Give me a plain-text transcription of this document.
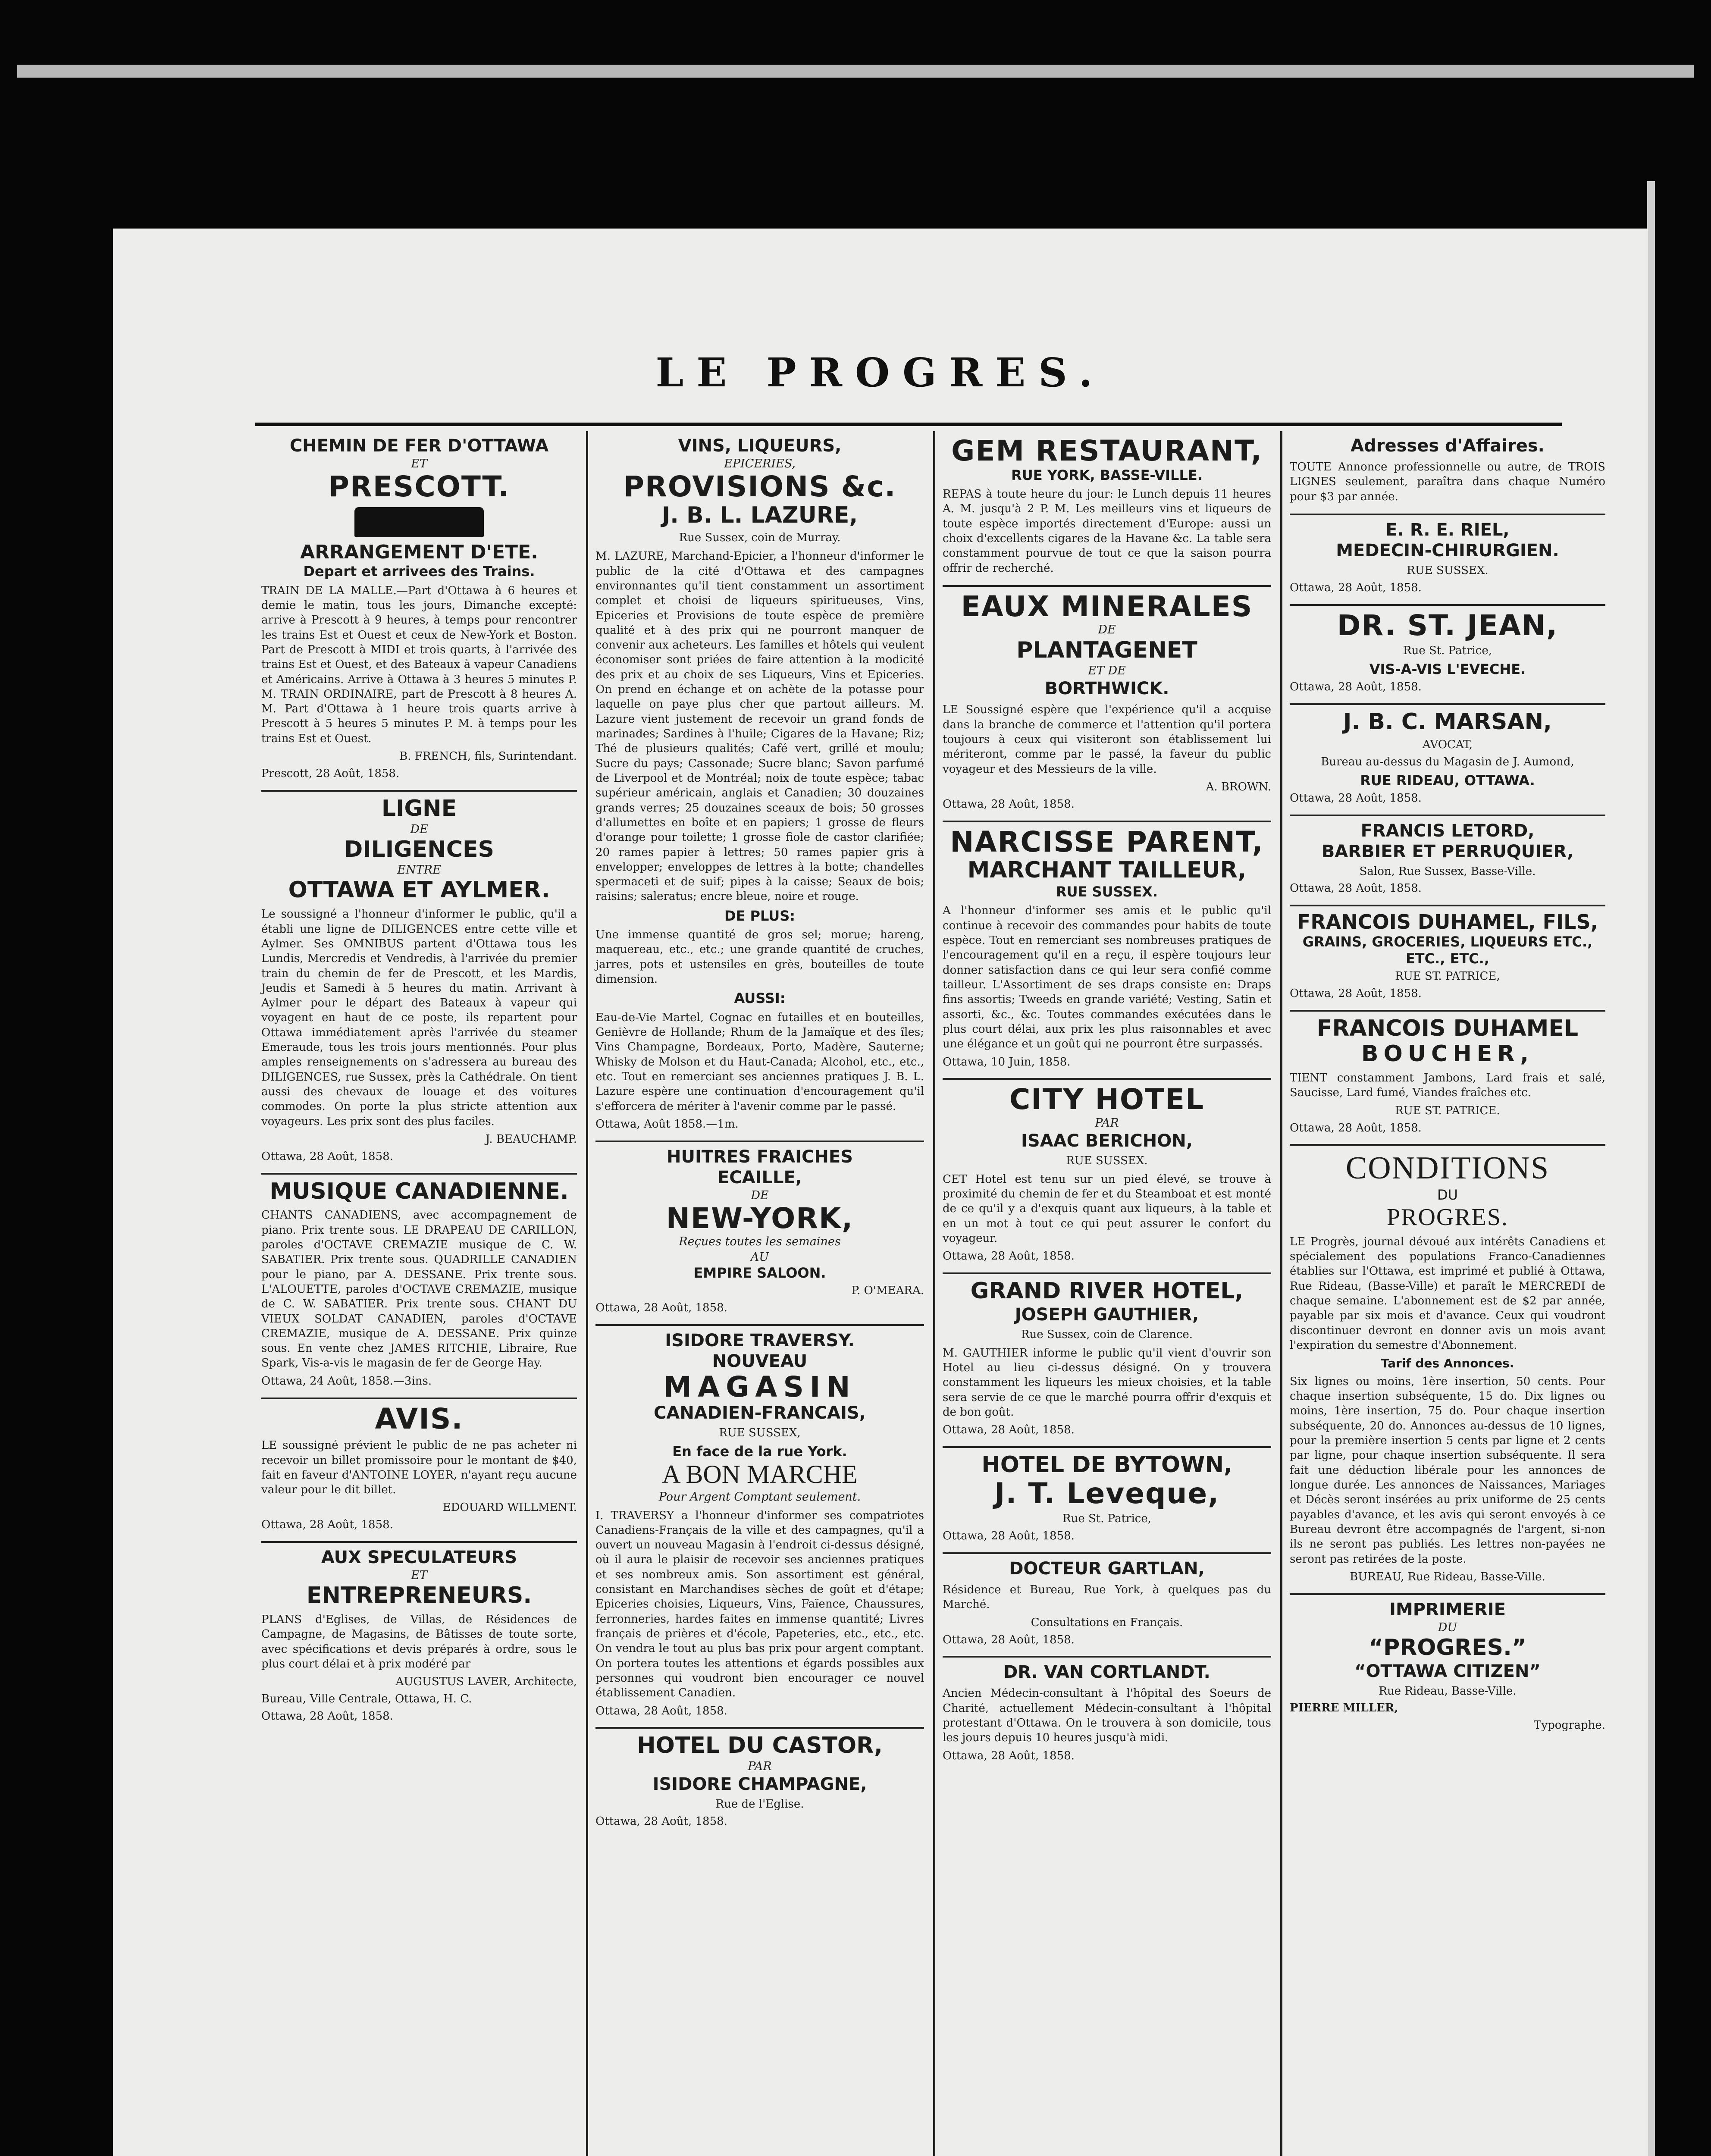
LE PROGRES.
CHEMIN DE FER D'OTTAWA
ET
PRESCOTT.
ARRANGEMENT D'ETE.
Depart et arrivees des Trains.
TRAIN DE LA MALLE.—Part d'Ottawa à 6 heures et demie le matin, tous les jours, Dimanche excepté: arrive à Prescott à 9 heures, à temps pour rencontrer les trains Est et Ouest et ceux de New-York et Boston. Part de Prescott à MIDI et trois quarts, à l'arrivée des trains Est et Ouest, et des Bateaux à vapeur Canadiens et Américains. Arrive à Ottawa à 3 heures 5 minutes P. M. TRAIN ORDINAIRE, part de Prescott à 8 heures A. M. Part d'Ottawa à 1 heure trois quarts arrive à Prescott à 5 heures 5 minutes P. M. à temps pour les trains Est et Ouest.
B. FRENCH, fils, Surintendant.
Prescott, 28 Août, 1858.
LIGNE
DE
DILIGENCES
ENTRE
OTTAWA ET AYLMER.
Le soussigné a l'honneur d'informer le public, qu'il a établi une ligne de DILIGENCES entre cette ville et Aylmer. Ses OMNIBUS partent d'Ottawa tous les Lundis, Mercredis et Vendredis, à l'arrivée du premier train du chemin de fer de Prescott, et les Mardis, Jeudis et Samedi à 5 heures du matin. Arrivant à Aylmer pour le départ des Bateaux à vapeur qui voyagent en haut de ce poste, ils repartent pour Ottawa immédiatement après l'arrivée du steamer Emeraude, tous les trois jours mentionnés. Pour plus amples renseignements on s'adressera au bureau des DILIGENCES, rue Sussex, près la Cathédrale. On tient aussi des chevaux de louage et des voitures commodes. On porte la plus stricte attention aux voyageurs. Les prix sont des plus faciles.
J. BEAUCHAMP.
Ottawa, 28 Août, 1858.
MUSIQUE CANADIENNE.
CHANTS CANADIENS, avec accompagnement de piano. Prix trente sous. LE DRAPEAU DE CARILLON, paroles d'OCTAVE CREMAZIE musique de C. W. SABATIER. Prix trente sous. QUADRILLE CANADIEN pour le piano, par A. DESSANE. Prix trente sous. L'ALOUETTE, paroles d'OCTAVE CREMAZIE, musique de C. W. SABATIER. Prix trente sous. CHANT DU VIEUX SOLDAT CANADIEN, paroles d'OCTAVE CREMAZIE, musique de A. DESSANE. Prix quinze sous. En vente chez JAMES RITCHIE, Libraire, Rue Spark, Vis-a-vis le magasin de fer de George Hay.
Ottawa, 24 Août, 1858.—3ins.
AVIS.
LE soussigné prévient le public de ne pas acheter ni recevoir un billet promissoire pour le montant de $40, fait en faveur d'ANTOINE LOYER, n'ayant reçu aucune valeur pour le dit billet.
EDOUARD WILLMENT.
Ottawa, 28 Août, 1858.
AUX SPECULATEURS
ET
ENTREPRENEURS.
PLANS d'Eglises, de Villas, de Résidences de Campagne, de Magasins, de Bâtisses de toute sorte, avec spécifications et devis préparés à ordre, sous le plus court délai et à prix modéré par
AUGUSTUS LAVER, Architecte,
Bureau, Ville Centrale, Ottawa, H. C.
Ottawa, 28 Août, 1858.
VINS, LIQUEURS,
EPICERIES,
PROVISIONS &c.
J. B. L. LAZURE,
Rue Sussex, coin de Murray.
M. LAZURE, Marchand-Epicier, a l'honneur d'informer le public de la cité d'Ottawa et des campagnes environnantes qu'il tient constamment un assortiment complet et choisi de liqueurs spiritueuses, Vins, Epiceries et Provisions de toute espèce de première qualité et à des prix qui ne pourront manquer de convenir aux acheteurs. Les familles et hôtels qui veulent économiser sont priées de faire attention à la modicité des prix et au choix de ses Liqueurs, Vins et Epiceries. On prend en échange et on achète de la potasse pour laquelle on paye plus cher que partout ailleurs. M. Lazure vient justement de recevoir un grand fonds de marinades; Sardines à l'huile; Cigares de la Havane; Riz; Thé de plusieurs qualités; Café vert, grillé et moulu; Sucre du pays; Cassonade; Sucre blanc; Savon parfumé de Liverpool et de Montréal; noix de toute espèce; tabac supérieur américain, anglais et Canadien; 30 douzaines grands verres; 25 douzaines sceaux de bois; 50 grosses d'allumettes en boîte et en papiers; 1 grosse de fleurs d'orange pour toilette; 1 grosse fiole de castor clarifiée; 20 rames papier à lettres; 50 rames papier gris à envelopper; enveloppes de lettres à la botte; chandelles spermaceti et de suif; pipes à la caisse; Seaux de bois; raisins; saleratus; encre bleue, noire et rouge.
DE PLUS:
Une immense quantité de gros sel; morue; hareng, maquereau, etc., etc.; une grande quantité de cruches, jarres, pots et ustensiles en grès, bouteilles de toute dimension.
AUSSI:
Eau-de-Vie Martel, Cognac en futailles et en bouteilles, Genièvre de Hollande; Rhum de la Jamaïque et des îles; Vins Champagne, Bordeaux, Porto, Madère, Sauterne; Whisky de Molson et du Haut-Canada; Alcohol, etc., etc., etc. Tout en remerciant ses anciennes pratiques J. B. L. Lazure espère une continuation d'encouragement qu'il s'efforcera de mériter à l'avenir comme par le passé.
Ottawa, Août 1858.—1m.
HUITRES FRAICHES
ECAILLE,
DE
NEW-YORK,
Reçues toutes les semaines
AU
EMPIRE SALOON.
P. O'MEARA.
Ottawa, 28 Août, 1858.
ISIDORE TRAVERSY.
NOUVEAU
MAGASIN
CANADIEN-FRANCAIS,
RUE SUSSEX,
En face de la rue York.
A BON MARCHE
Pour Argent Comptant seulement.
I. TRAVERSY a l'honneur d'informer ses compatriotes Canadiens-Français de la ville et des campagnes, qu'il a ouvert un nouveau Magasin à l'endroit ci-dessus désigné, où il aura le plaisir de recevoir ses anciennes pratiques et ses nombreux amis. Son assortiment est général, consistant en Marchandises sèches de goût et d'étape; Epiceries choisies, Liqueurs, Vins, Faïence, Chaussures, ferronneries, hardes faites en immense quantité; Livres français de prières et d'école, Papeteries, etc., etc., etc. On vendra le tout au plus bas prix pour argent comptant. On portera toutes les attentions et égards possibles aux personnes qui voudront bien encourager ce nouvel établissement Canadien.
Ottawa, 28 Août, 1858.
HOTEL DU CASTOR,
PAR
ISIDORE CHAMPAGNE,
Rue de l'Eglise.
Ottawa, 28 Août, 1858.
GEM RESTAURANT,
RUE YORK, BASSE-VILLE.
REPAS à toute heure du jour: le Lunch depuis 11 heures A. M. jusqu'à 2 P. M. Les meilleurs vins et liqueurs de toute espèce importés directement d'Europe: aussi un choix d'excellents cigares de la Havane &c. La table sera constamment pourvue de tout ce que la saison pourra offrir de recherché.
EAUX MINERALES
DE
PLANTAGENET
ET DE
BORTHWICK.
LE Soussigné espère que l'expérience qu'il a acquise dans la branche de commerce et l'attention qu'il portera toujours à ceux qui visiteront son établissement lui mériteront, comme par le passé, la faveur du public voyageur et des Messieurs de la ville.
A. BROWN.
Ottawa, 28 Août, 1858.
NARCISSE PARENT,
MARCHANT TAILLEUR,
RUE SUSSEX.
A l'honneur d'informer ses amis et le public qu'il continue à recevoir des commandes pour habits de toute espèce. Tout en remerciant ses nombreuses pratiques de l'encouragement qu'il en a reçu, il espère toujours leur donner satisfaction dans ce qui leur sera confié comme tailleur. L'Assortiment de ses draps consiste en: Draps fins assortis; Tweeds en grande variété; Vesting, Satin et assorti, &c., &c. Toutes commandes exécutées dans le plus court délai, aux prix les plus raisonnables et avec une élégance et un goût qui ne pourront être surpassés.
Ottawa, 10 Juin, 1858.
CITY HOTEL
PAR
ISAAC BERICHON,
RUE SUSSEX.
CET Hotel est tenu sur un pied élevé, se trouve à proximité du chemin de fer et du Steamboat et est monté de ce qu'il y a d'exquis quant aux liqueurs, à la table et en un mot à tout ce qui peut assurer le confort du voyageur.
Ottawa, 28 Août, 1858.
GRAND RIVER HOTEL,
JOSEPH GAUTHIER,
Rue Sussex, coin de Clarence.
M. GAUTHIER informe le public qu'il vient d'ouvrir son Hotel au lieu ci-dessus désigné. On y trouvera constamment les liqueurs les mieux choisies, et la table sera servie de ce que le marché pourra offrir d'exquis et de bon goût.
Ottawa, 28 Août, 1858.
HOTEL DE BYTOWN,
J. T. Leveque,
Rue St. Patrice,
Ottawa, 28 Août, 1858.
DOCTEUR GARTLAN,
Résidence et Bureau, Rue York, à quelques pas du Marché.
Consultations en Français.
Ottawa, 28 Août, 1858.
DR. VAN CORTLANDT.
Ancien Médecin-consultant à l'hôpital des Soeurs de Charité, actuellement Médecin-consultant à l'hôpital protestant d'Ottawa. On le trouvera à son domicile, tous les jours depuis 10 heures jusqu'à midi.
Ottawa, 28 Août, 1858.
Adresses d'Affaires.
TOUTE Annonce professionnelle ou autre, de TROIS LIGNES seulement, paraîtra dans chaque Numéro pour $3 par année.
E. R. E. RIEL,
MEDECIN-CHIRURGIEN.
RUE SUSSEX.
Ottawa, 28 Août, 1858.
DR. ST. JEAN,
Rue St. Patrice,
VIS-A-VIS L'EVECHE.
Ottawa, 28 Août, 1858.
J. B. C. MARSAN,
AVOCAT,
Bureau au-dessus du Magasin de J. Aumond,
RUE RIDEAU, OTTAWA.
Ottawa, 28 Août, 1858.
FRANCIS LETORD,
BARBIER ET PERRUQUIER,
Salon, Rue Sussex, Basse-Ville.
Ottawa, 28 Août, 1858.
FRANCOIS DUHAMEL, FILS,
GRAINS, GROCERIES, LIQUEURS ETC., ETC., ETC.,
RUE ST. PATRICE,
Ottawa, 28 Août, 1858.
FRANCOIS DUHAMEL
BOUCHER,
TIENT constamment Jambons, Lard frais et salé, Saucisse, Lard fumé, Viandes fraîches etc.
RUE ST. PATRICE.
Ottawa, 28 Août, 1858.
CONDITIONS
DU
PROGRES.
LE Progrès, journal dévoué aux intérêts Canadiens et spécialement des populations Franco-Canadiennes établies sur l'Ottawa, est imprimé et publié à Ottawa, Rue Rideau, (Basse-Ville) et paraît le MERCREDI de chaque semaine. L'abonnement est de $2 par année, payable par six mois et d'avance. Ceux qui voudront discontinuer devront en donner avis un mois avant l'expiration du semestre d'Abonnement.
Tarif des Annonces.
Six lignes ou moins, 1ère insertion, 50 cents. Pour chaque insertion subséquente, 15 do. Dix lignes ou moins, 1ère insertion, 75 do. Pour chaque insertion subséquente, 20 do. Annonces au-dessus de 10 lignes, pour la première insertion 5 cents par ligne et 2 cents par ligne, pour chaque insertion subséquente. Il sera fait une déduction libérale pour les annonces de longue durée. Les annonces de Naissances, Mariages et Décès seront insérées au prix uniforme de 25 cents payables d'avance, et les avis qui seront envoyés à ce Bureau devront être accompagnés de l'argent, si-non ils ne seront pas publiés. Les lettres non-payées ne seront pas retirées de la poste.
BUREAU, Rue Rideau, Basse-Ville.
IMPRIMERIE
DU
“PROGRES.”
“OTTAWA CITIZEN”
Rue Rideau, Basse-Ville.
PIERRE MILLER,
Typographe.
